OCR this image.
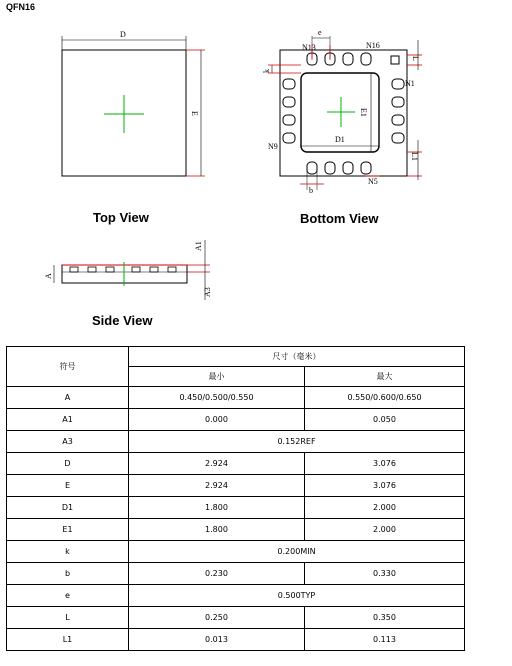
QFN16
D
E
N13
e
N16
N1
N9
N5
k
L
L1
E1
D1
b
A
A1
A3
Top View	Bottom View
Side View
符号	尺寸（毫米）	
	最小	最大
A	0.450/0.500/0.550	0.550/0.600/0.650
A1	0.000	0.050
A3	0.152REF	
D	2.924	3.076
E	2.924	3.076
D1	1.800	2.000
E1	1.800	2.000
k	0.200MIN	
b	0.230	0.330
e	0.500TYP	
L	0.250	0.350
L1	0.013	0.113
